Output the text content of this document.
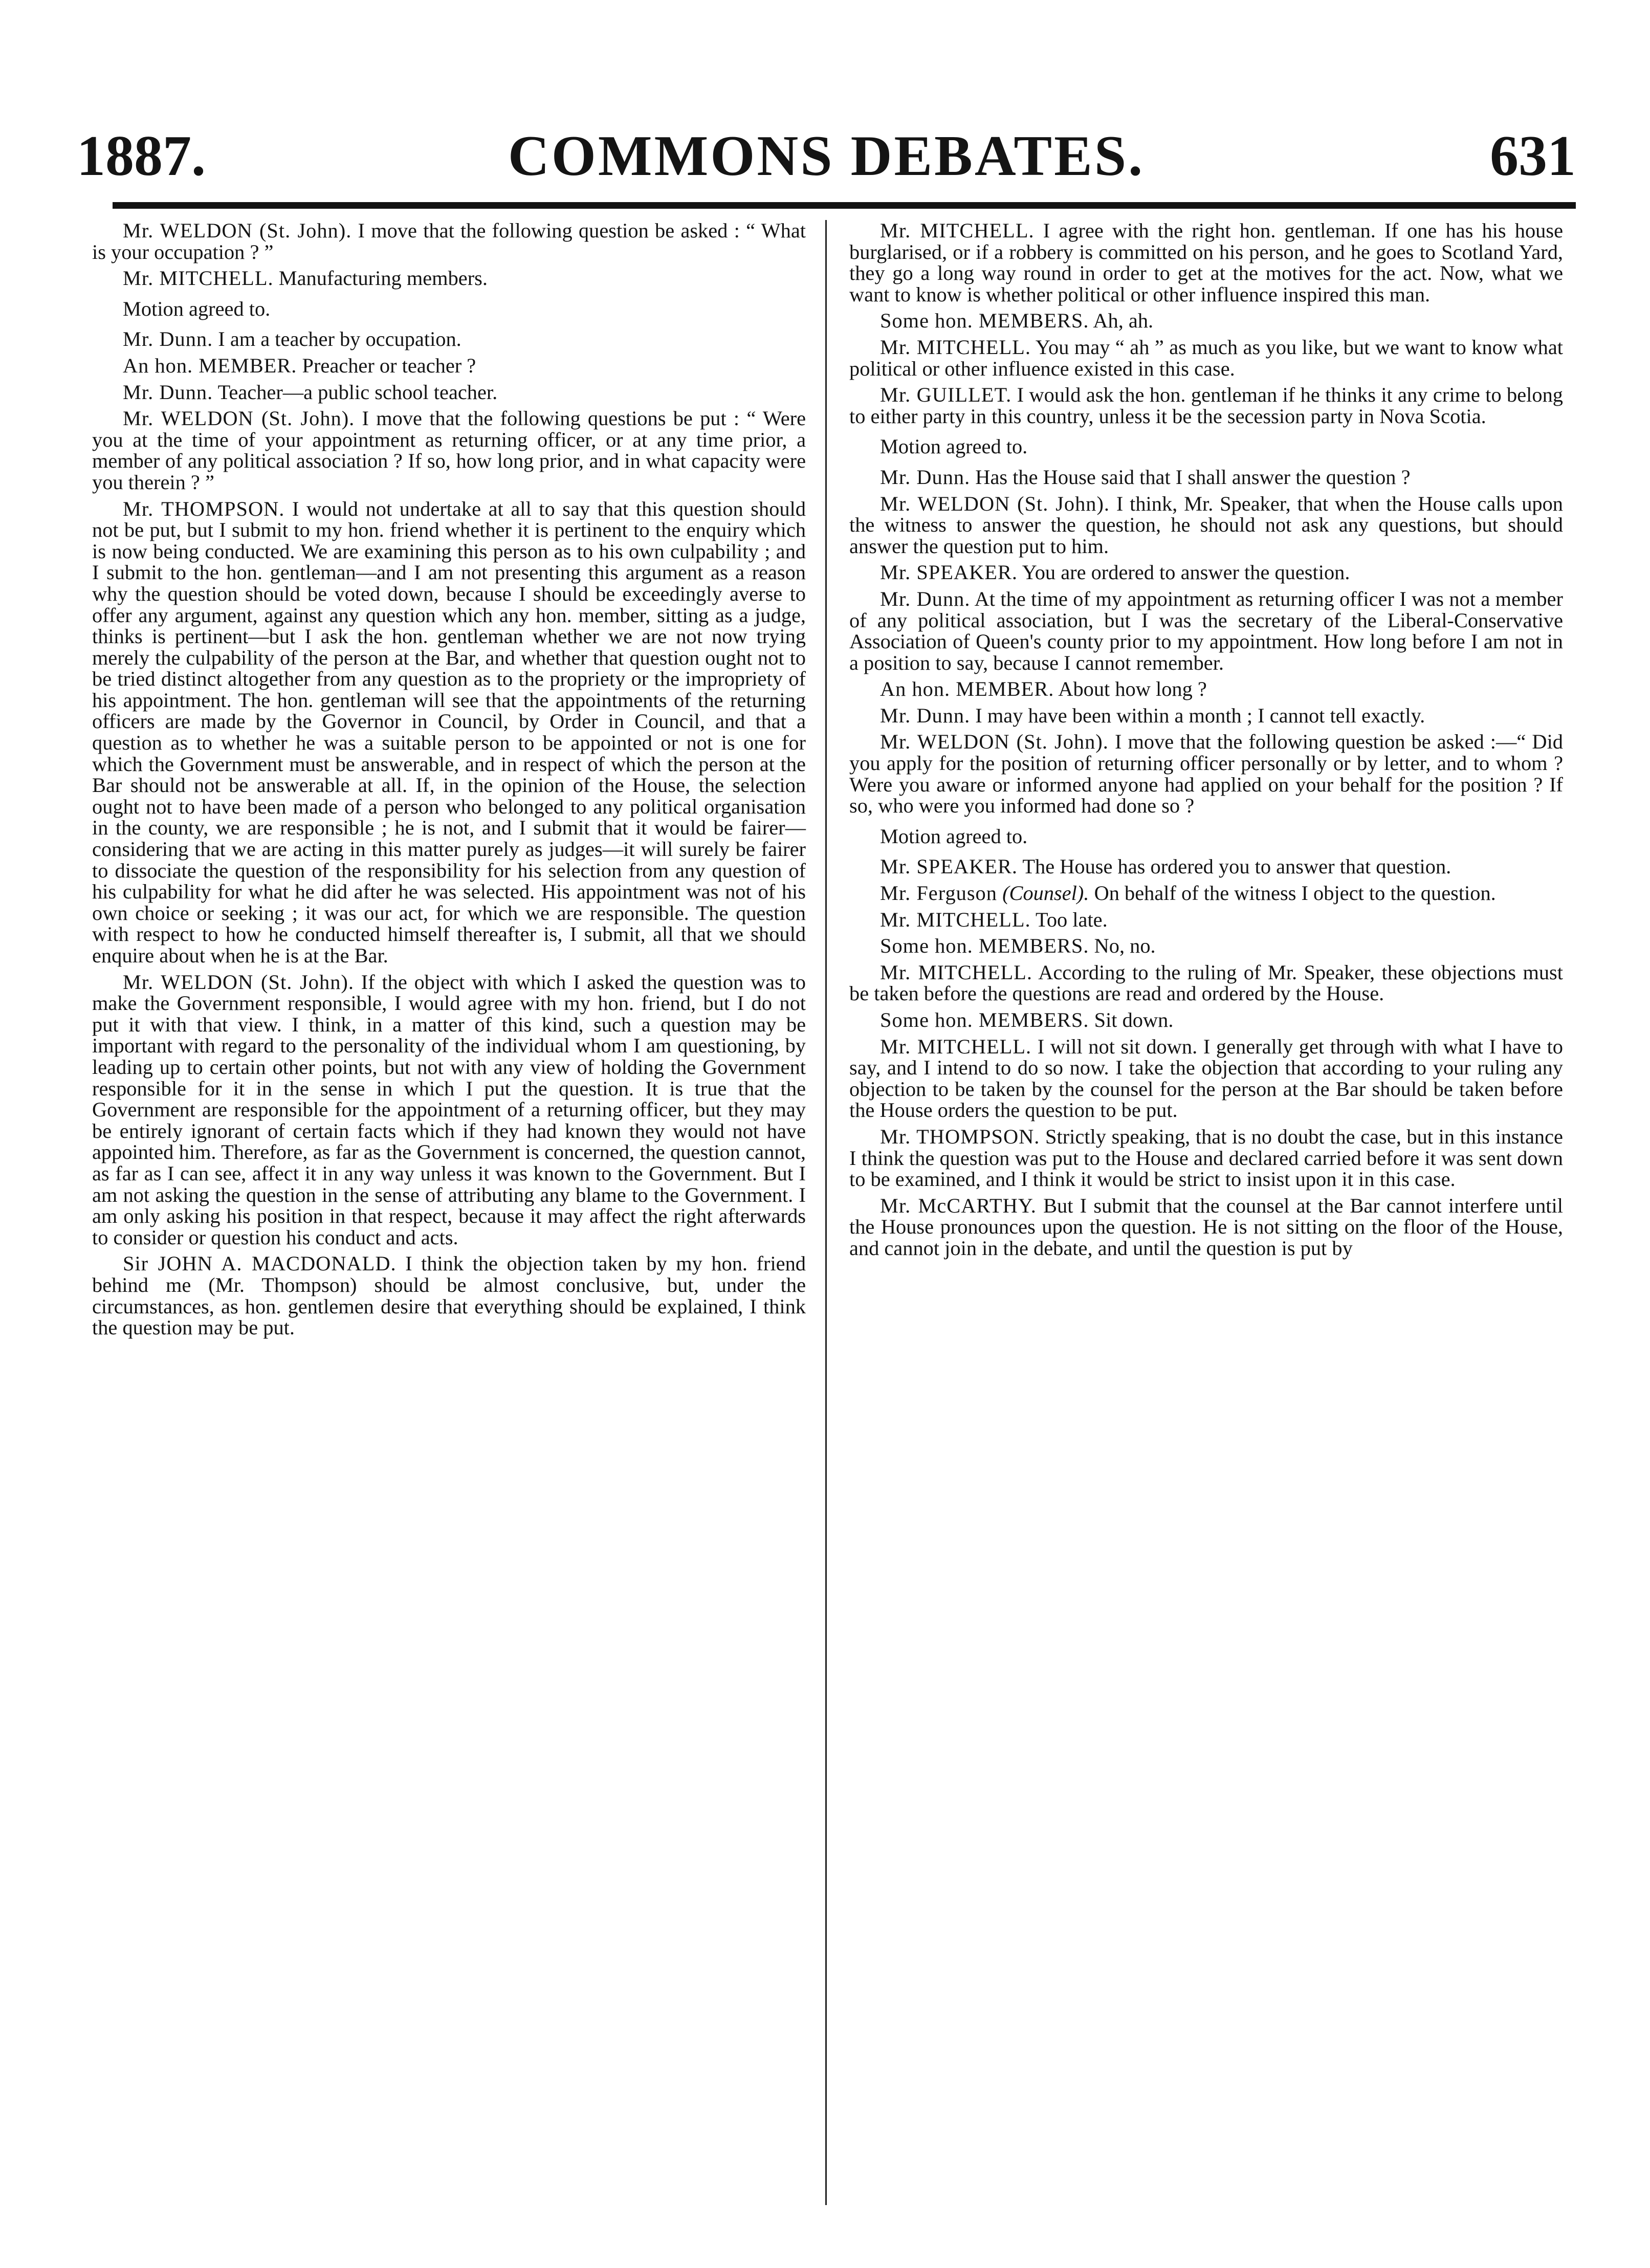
1887.	COMMONS DEBATES.	631

Mr. WELDON (St. John). I move that the following question be asked : “ What is your occupation ? ”

Mr. MITCHELL. Manufacturing members.

Motion agreed to.

Mr. Dunn. I am a teacher by occupation.

An hon. MEMBER. Preacher or teacher ?

Mr. Dunn. Teacher—a public school teacher.

Mr. WELDON (St. John). I move that the following questions be put : “ Were you at the time of your appointment as returning officer, or at any time prior, a member of any political association ? If so, how long prior, and in what capacity were you therein ? ”

Mr. THOMPSON. I would not undertake at all to say that this question should not be put, but I submit to my hon. friend whether it is pertinent to the enquiry which is now being conducted. We are examining this person as to his own culpability ; and I submit to the hon. gentleman—and I am not presenting this argument as a reason why the question should be voted down, because I should be exceedingly averse to offer any argument, against any question which any hon. member, sitting as a judge, thinks is pertinent—but I ask the hon. gentleman whether we are not now trying merely the culpability of the person at the Bar, and whether that question ought not to be tried distinct altogether from any question as to the propriety or the impropriety of his appointment. The hon. gentleman will see that the appointments of the returning officers are made by the Governor in Council, by Order in Council, and that a question as to whether he was a suitable person to be appointed or not is one for which the Government must be answerable, and in respect of which the person at the Bar should not be answerable at all. If, in the opinion of the House, the selection ought not to have been made of a person who belonged to any political organisation in the county, we are responsible ; he is not, and I submit that it would be fairer—considering that we are acting in this matter purely as judges—it will surely be fairer to dissociate the question of the responsibility for his selection from any question of his culpability for what he did after he was selected. His appointment was not of his own choice or seeking ; it was our act, for which we are responsible. The question with respect to how he conducted himself thereafter is, I submit, all that we should enquire about when he is at the Bar.

Mr. WELDON (St. John). If the object with which I asked the question was to make the Government responsible, I would agree with my hon. friend, but I do not put it with that view. I think, in a matter of this kind, such a question may be important with regard to the personality of the individual whom I am questioning, by leading up to certain other points, but not with any view of holding the Government responsible for it in the sense in which I put the question. It is true that the Government are responsible for the appointment of a returning officer, but they may be entirely ignorant of certain facts which if they had known they would not have appointed him. Therefore, as far as the Government is concerned, the question cannot, as far as I can see, affect it in any way unless it was known to the Government. But I am not asking the question in the sense of attributing any blame to the Government. I am only asking his position in that respect, because it may affect the right afterwards to consider or question his conduct and acts.

Sir JOHN A. MACDONALD. I think the objection taken by my hon. friend behind me (Mr. Thompson) should be almost conclusive, but, under the circumstances, as hon. gentlemen desire that everything should be explained, I think the question may be put.

Mr. MITCHELL. I agree with the right hon. gentleman. If one has his house burglarised, or if a robbery is committed on his person, and he goes to Scotland Yard, they go a long way round in order to get at the motives for the act. Now, what we want to know is whether political or other influence inspired this man.

Some hon. MEMBERS. Ah, ah.

Mr. MITCHELL. You may “ ah ” as much as you like, but we want to know what political or other influence existed in this case.

Mr. GUILLET. I would ask the hon. gentleman if he thinks it any crime to belong to either party in this country, unless it be the secession party in Nova Scotia.

Motion agreed to.

Mr. Dunn. Has the House said that I shall answer the question ?

Mr. WELDON (St. John). I think, Mr. Speaker, that when the House calls upon the witness to answer the question, he should not ask any questions, but should answer the question put to him.

Mr. SPEAKER. You are ordered to answer the question.

Mr. Dunn. At the time of my appointment as returning officer I was not a member of any political association, but I was the secretary of the Liberal-Conservative Association of Queen's county prior to my appointment. How long before I am not in a position to say, because I cannot remember.

An hon. MEMBER. About how long ?

Mr. Dunn. I may have been within a month ; I cannot tell exactly.

Mr. WELDON (St. John). I move that the following question be asked :—“ Did you apply for the position of returning officer personally or by letter, and to whom ? Were you aware or informed anyone had applied on your behalf for the position ? If so, who were you informed had done so ?

Motion agreed to.

Mr. SPEAKER. The House has ordered you to answer that question.

Mr. Ferguson (Counsel). On behalf of the witness I object to the question.

Mr. MITCHELL. Too late.

Some hon. MEMBERS. No, no.

Mr. MITCHELL. According to the ruling of Mr. Speaker, these objections must be taken before the questions are read and ordered by the House.

Some hon. MEMBERS. Sit down.

Mr. MITCHELL. I will not sit down. I generally get through with what I have to say, and I intend to do so now. I take the objection that according to your ruling any objection to be taken by the counsel for the person at the Bar should be taken before the House orders the question to be put.

Mr. THOMPSON. Strictly speaking, that is no doubt the case, but in this instance I think the question was put to the House and declared carried before it was sent down to be examined, and I think it would be strict to insist upon it in this case.

Mr. McCARTHY. But I submit that the counsel at the Bar cannot interfere until the House pronounces upon the question. He is not sitting on the floor of the House, and cannot join in the debate, and until the question is put by
